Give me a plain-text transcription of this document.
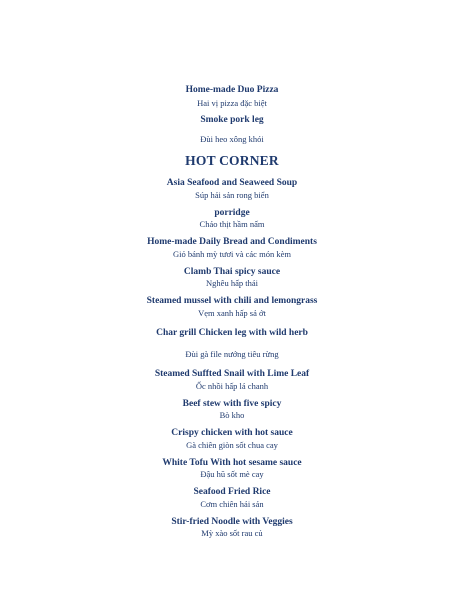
Home-made Duo Pizza
Hai vị pizza đặc biệt
Smoke pork leg
Đùi heo xông khói
HOT CORNER
Asia Seafood and Seaweed Soup
Súp hải sản rong biển
porridge
Cháo thịt hầm nấm
Home-made Daily Bread and Condiments
Giỏ bánh mỳ tươi và các món kèm
Clamb Thai spicy sauce
Nghêu hấp thái
Steamed mussel with chili and lemongrass
Vẹm xanh hấp sả ớt
Char grill Chicken leg with wild herb
Đùi gà file nướng tiêu rừng
Steamed Suffted Snail with Lime Leaf
Ốc nhồi hấp lá chanh
Beef stew with five spicy
Bò kho
Crispy chicken with hot sauce
Gà chiên giòn sốt chua cay
White Tofu With hot sesame sauce
Đậu hũ sốt mè cay
Seafood Fried Rice
Cơm chiên hải sản
Stir-fried Noodle with Veggies
Mỳ xào sốt rau củ
